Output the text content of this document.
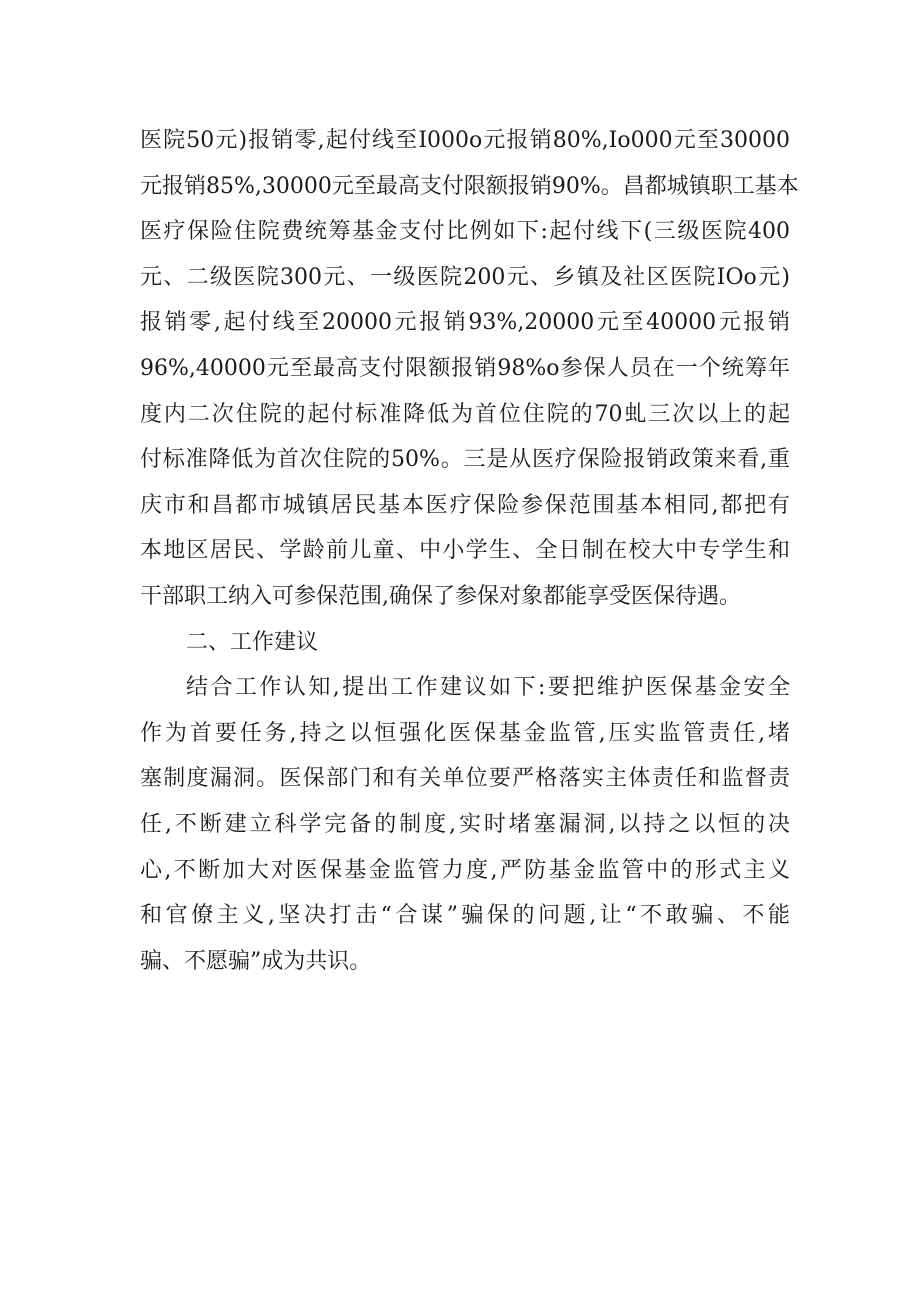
医院50元)报销零,起付线至I000o元报销80%,Io000元至30000
元报销85%,30000元至最高支付限额报销90%。昌都城镇职工基本
医疗保险住院费统筹基金支付比例如下:起付线下(三级医院400
元、二级医院300元、一级医院200元、乡镇及社区医院IOo元)
报销零,起付线至20000元报销93%,20000元至40000元报销
96%,40000元至最高支付限额报销98%o参保人员在一个统筹年
度内二次住院的起付标准降低为首位住院的70虬三次以上的起
付标准降低为首次住院的50%。三是从医疗保险报销政策来看,重
庆市和昌都市城镇居民基本医疗保险参保范围基本相同,都把有
本地区居民、学龄前儿童、中小学生、全日制在校大中专学生和
干部职工纳入可参保范围,确保了参保对象都能享受医保待遇。
二、工作建议
结合工作认知,提出工作建议如下:要把维护医保基金安全
作为首要任务,持之以恒强化医保基金监管,压实监管责任,堵
塞制度漏洞。医保部门和有关单位要严格落实主体责任和监督责
任,不断建立科学完备的制度,实时堵塞漏洞,以持之以恒的决
心,不断加大对医保基金监管力度,严防基金监管中的形式主义
和官僚主义,坚决打击“合谋”骗保的问题,让“不敢骗、不能
骗、不愿骗”成为共识。
